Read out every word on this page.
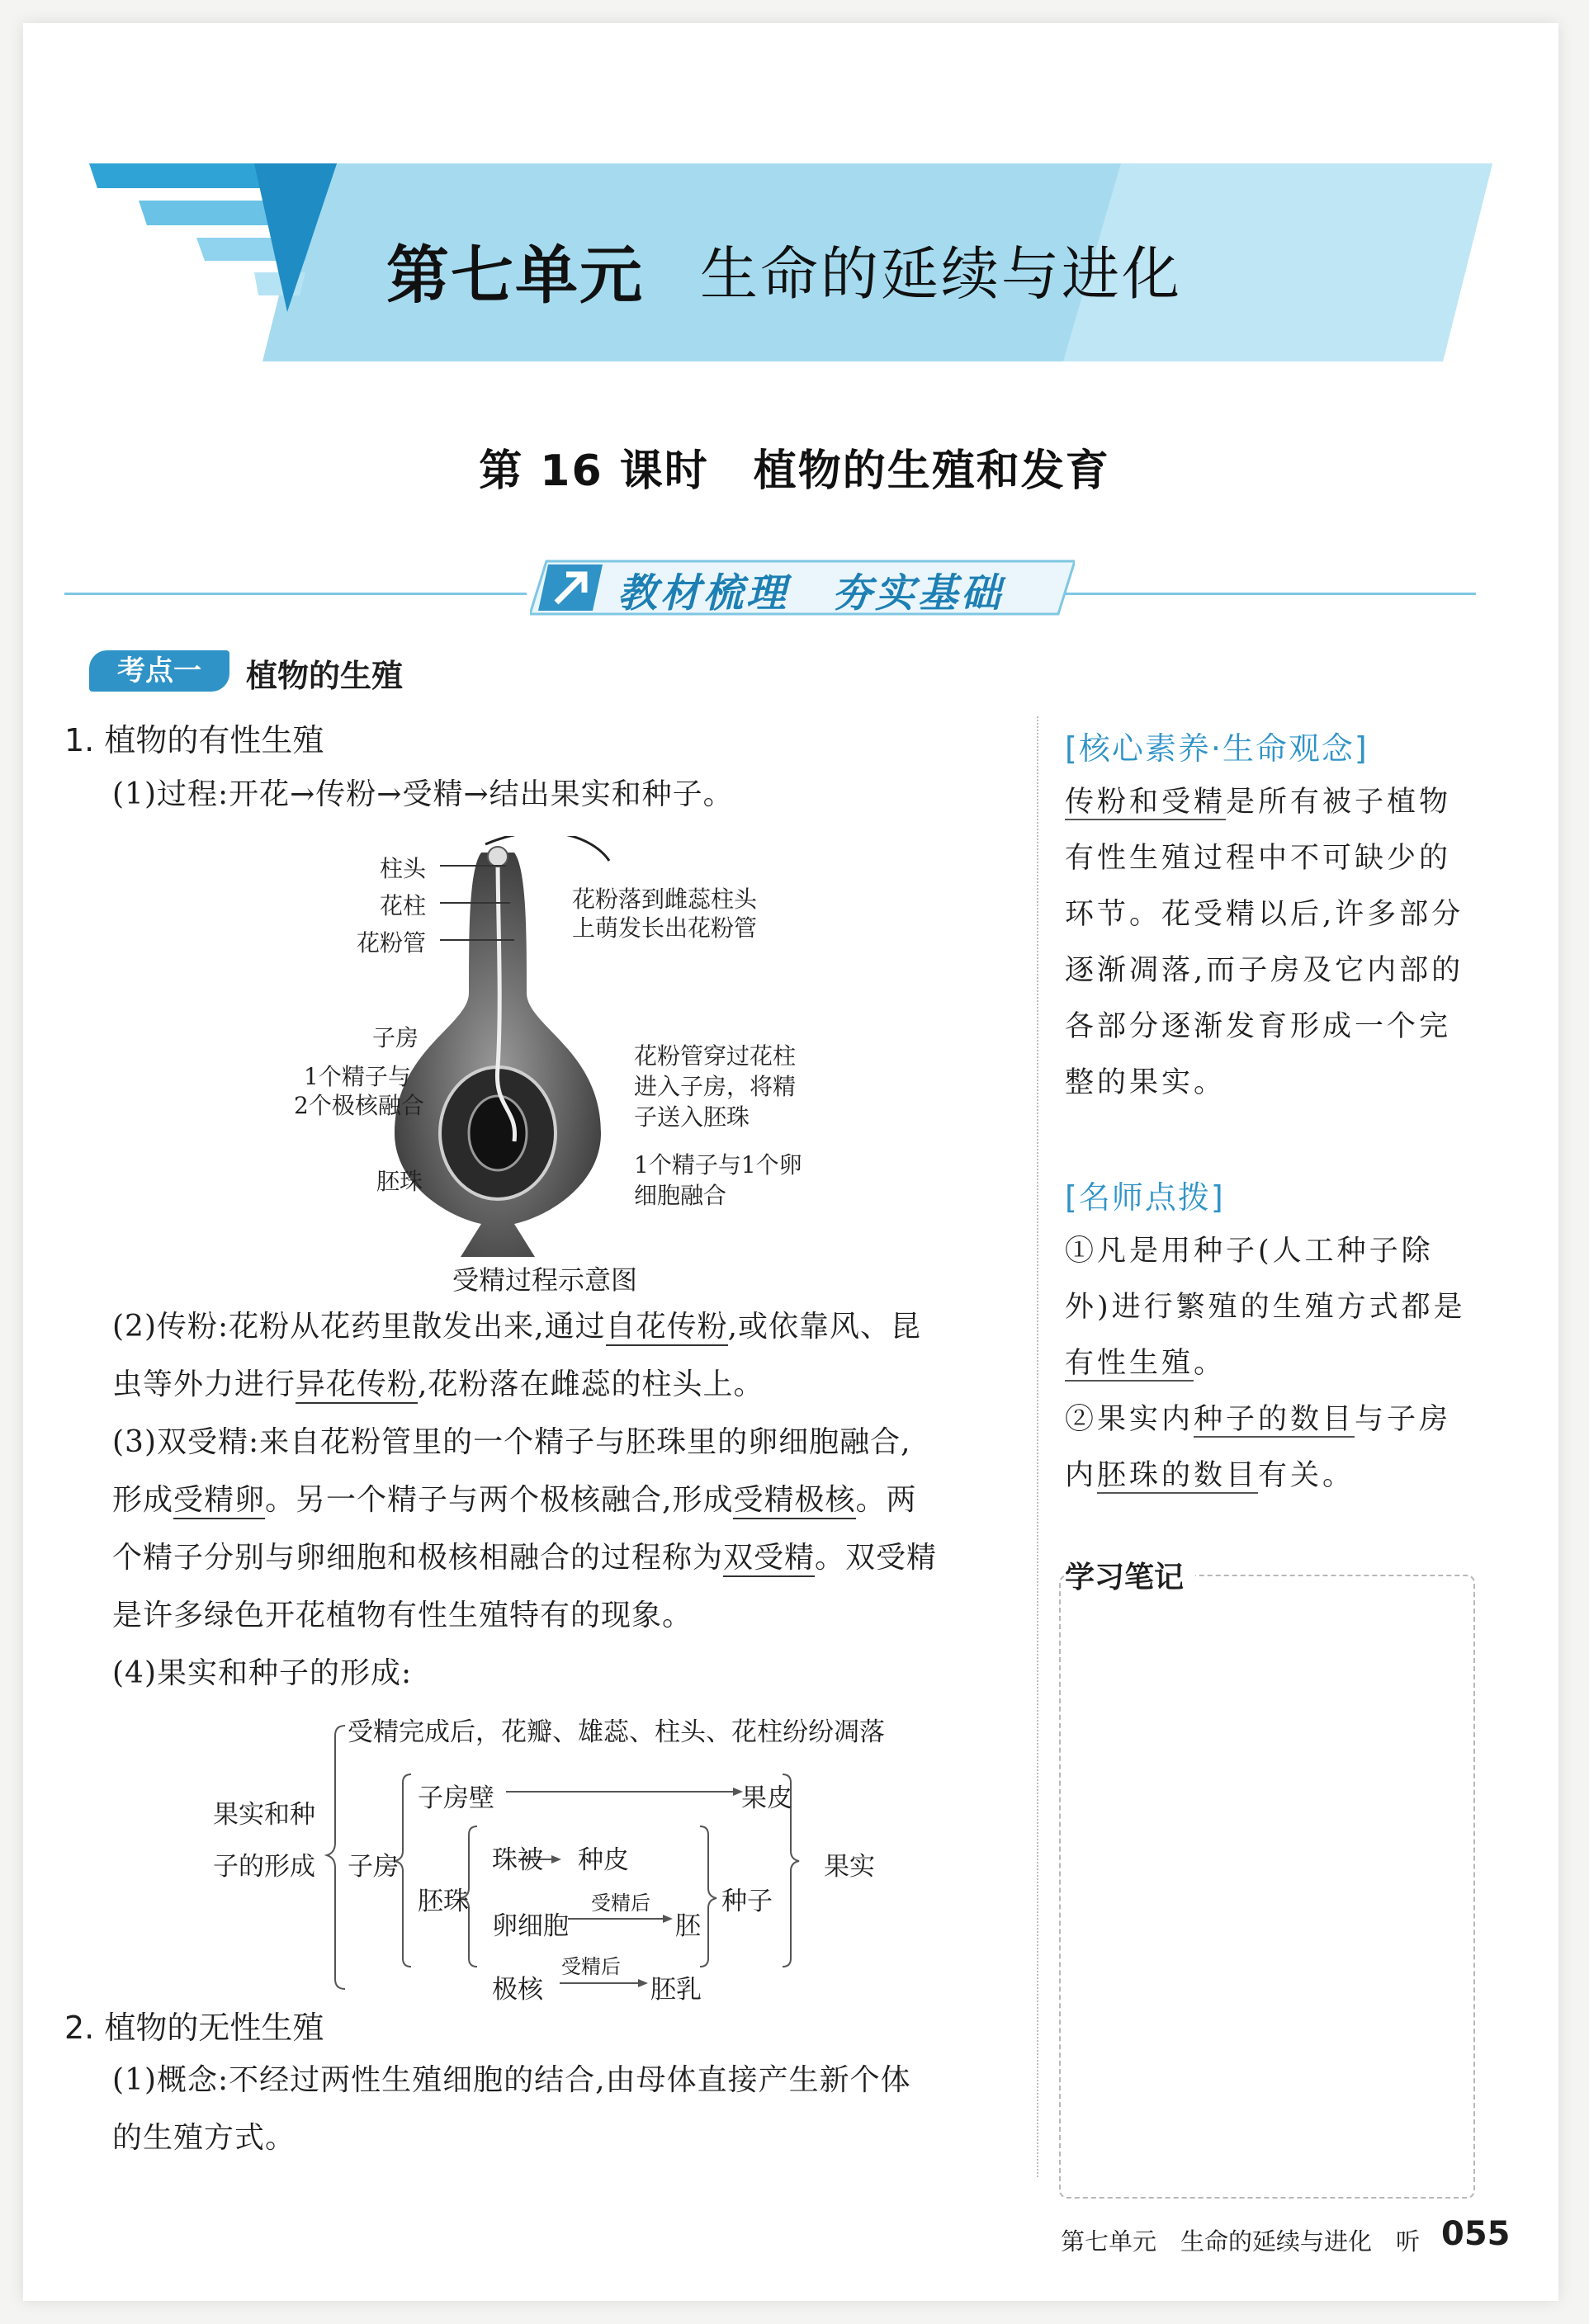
第七单元 生命的延续与进化
第 16 课时　植物的生殖和发育
教材梳理　夯实基础
考点一	植物的生殖
1. 植物的有性生殖
(1)过程:开花→传粉→受精→结出果实和种子。
柱头
花柱
花粉管
子房
1个精子与
2个极核融合
胚珠
花粉落到雌蕊柱头
上萌发长出花粉管
花粉管穿过花柱
进入子房，将精
子送入胚珠
1个精子与1个卵
细胞融合
受精过程示意图
(2)传粉:花粉从花药里散发出来,通过自花传粉,或依靠风、昆
虫等外力进行异花传粉,花粉落在雌蕊的柱头上。
(3)双受精:来自花粉管里的一个精子与胚珠里的卵细胞融合,
形成受精卵。另一个精子与两个极核融合,形成受精极核。两
个精子分别与卵细胞和极核相融合的过程称为双受精。双受精
是许多绿色开花植物有性生殖特有的现象。
(4)果实和种子的形成:
果实和种
子的形成
受精完成后，花瓣、雄蕊、柱头、花柱纷纷凋落
子房
子房壁	果皮
胚珠
珠被 种皮
卵细胞
受精后
胚
极核
受精后
胚乳
种子
果实
2. 植物的无性生殖
(1)概念:不经过两性生殖细胞的结合,由母体直接产生新个体
的生殖方式。
[核心素养·生命观念]
传粉和受精是所有被子植物
有性生殖过程中不可缺少的
环节。花受精以后,许多部分
逐渐凋落,而子房及它内部的
各部分逐渐发育形成一个完
整的果实。
[名师点拨]
①凡是用种子(人工种子除
外)进行繁殖的生殖方式都是
有性生殖。
②果实内种子的数目与子房
内胚珠的数目有关。
学习笔记
第七单元　生命的延续与进化　听 055
